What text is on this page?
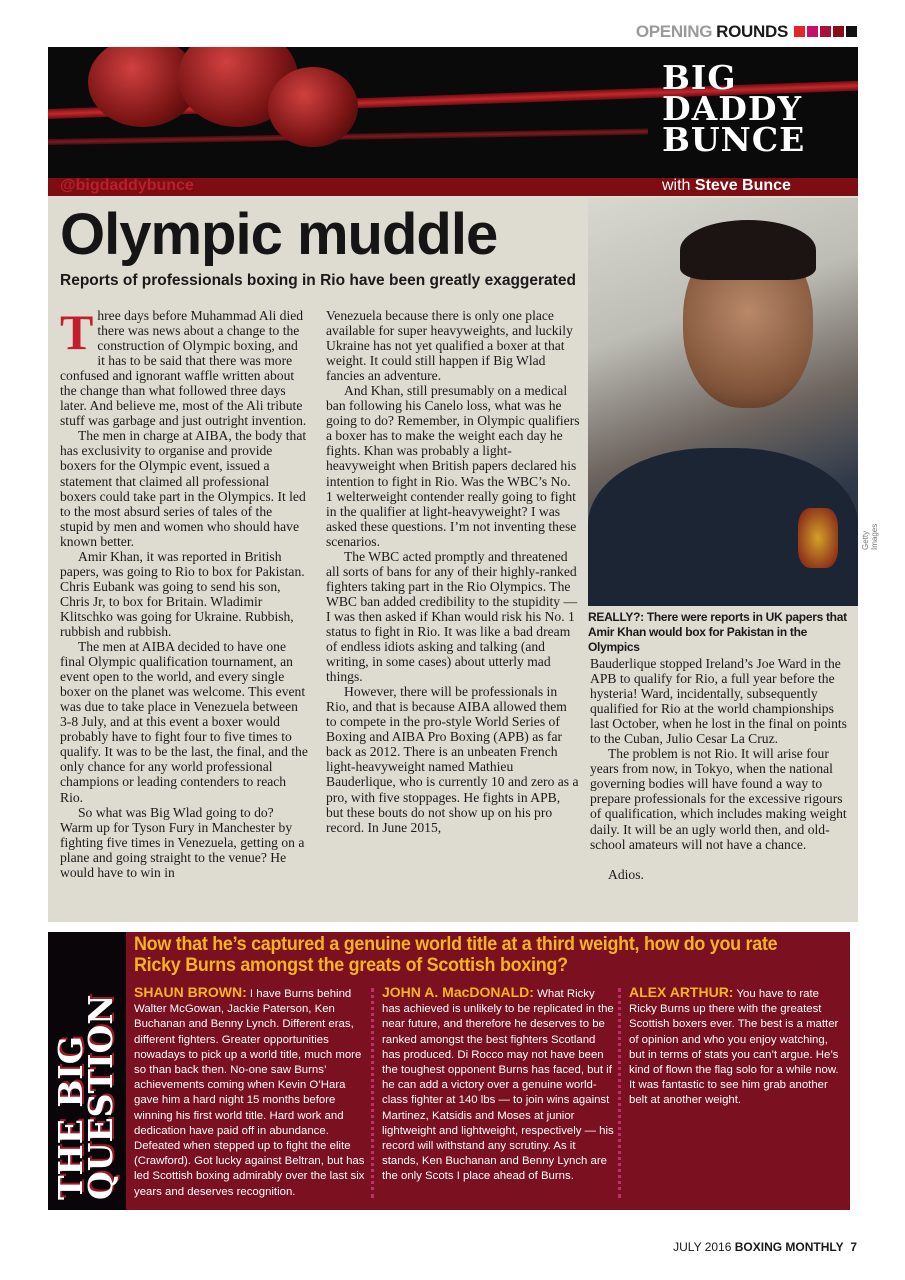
OPENING ROUNDS
BIG
DADDY
BUNCE
@bigdaddybunce	with Steve Bunce
Olympic muddle
Reports of professionals boxing in Rio have been greatly exaggerated
T hree days before Muhammad Ali died there was news about a change to the construction of Olympic boxing, and it has to be said that there was more confused and ignorant waffle written about the change than what followed three days later. And believe me, most of the Ali tribute stuff was garbage and just outright invention.

The men in charge at AIBA, the body that has exclusivity to organise and provide boxers for the Olympic event, issued a statement that claimed all professional boxers could take part in the Olympics. It led to the most absurd series of tales of the stupid by men and women who should have known better.

Amir Khan, it was reported in British papers, was going to Rio to box for Pakistan. Chris Eubank was going to send his son, Chris Jr, to box for Britain. Wladimir Klitschko was going for Ukraine. Rubbish, rubbish and rubbish.

The men at AIBA decided to have one final Olympic qualification tournament, an event open to the world, and every single boxer on the planet was welcome. This event was due to take place in Venezuela between 3-8 July, and at this event a boxer would probably have to fight four to five times to qualify. It was to be the last, the final, and the only chance for any world professional champions or leading contenders to reach Rio.

So what was Big Wlad going to do? Warm up for Tyson Fury in Manchester by fighting five times in Venezuela, getting on a plane and going straight to the venue? He would have to win in

Venezuela because there is only one place available for super heavyweights, and luckily Ukraine has not yet qualified a boxer at that weight. It could still happen if Big Wlad fancies an adventure.

And Khan, still presumably on a medical ban following his Canelo loss, what was he going to do? Remember, in Olympic qualifiers a boxer has to make the weight each day he fights. Khan was probably a light-heavyweight when British papers declared his intention to fight in Rio. Was the WBC’s No. 1 welterweight contender really going to fight in the qualifier at light-heavyweight? I was asked these questions. I’m not inventing these scenarios.

The WBC acted promptly and threatened all sorts of bans for any of their highly-ranked fighters taking part in the Rio Olympics. The WBC ban added credibility to the stupidity — I was then asked if Khan would risk his No. 1 status to fight in Rio. It was like a bad dream of endless idiots asking and talking (and writing, in some cases) about utterly mad things.

However, there will be professionals in Rio, and that is because AIBA allowed them to compete in the pro-style World Series of Boxing and AIBA Pro Boxing (APB) as far back as 2012. There is an unbeaten French light-heavyweight named Mathieu Bauderlique, who is currently 10 and zero as a pro, with five stoppages. He fights in APB, but these bouts do not show up on his pro record. In June 2015,

Bauderlique stopped Ireland’s Joe Ward in the APB to qualify for Rio, a full year before the hysteria! Ward, incidentally, subsequently qualified for Rio at the world championships last October, when he lost in the final on points to the Cuban, Julio Cesar La Cruz.

The problem is not Rio. It will arise four years from now, in Tokyo, when the national governing bodies will have found a way to prepare professionals for the excessive rigours of qualification, which includes making weight daily. It will be an ugly world then, and old-school amateurs will not have a chance.

Adios.

Getty Images
REALLY?: There were reports in UK papers that Amir Khan would box for Pakistan in the Olympics
THE BIG
QUESTION
Now that he’s captured a genuine world title at a third weight, how do you rate Ricky Burns amongst the greats of Scottish boxing?
SHAUN BROWN: I have Burns behind Walter McGowan, Jackie Paterson, Ken Buchanan and Benny Lynch. Different eras, different fighters. Greater opportunities nowadays to pick up a world title, much more so than back then. No-one saw Burns’ achievements coming when Kevin O’Hara gave him a hard night 15 months before winning his first world title. Hard work and dedication have paid off in abundance. Defeated when stepped up to fight the elite (Crawford). Got lucky against Beltran, but has led Scottish boxing admirably over the last six years and deserves recognition.
JOHN A. MacDONALD: What Ricky has achieved is unlikely to be replicated in the near future, and therefore he deserves to be ranked amongst the best fighters Scotland has produced. Di Rocco may not have been the toughest opponent Burns has faced, but if he can add a victory over a genuine world-class fighter at 140 lbs — to join wins against Martinez, Katsidis and Moses at junior lightweight and lightweight, respectively — his record will withstand any scrutiny. As it stands, Ken Buchanan and Benny Lynch are the only Scots I place ahead of Burns.
ALEX ARTHUR: You have to rate Ricky Burns up there with the greatest Scottish boxers ever. The best is a matter of opinion and who you enjoy watching, but in terms of stats you can’t argue. He’s kind of flown the flag solo for a while now. It was fantastic to see him grab another belt at another weight.
JULY 2016 BOXING MONTHLY 7
